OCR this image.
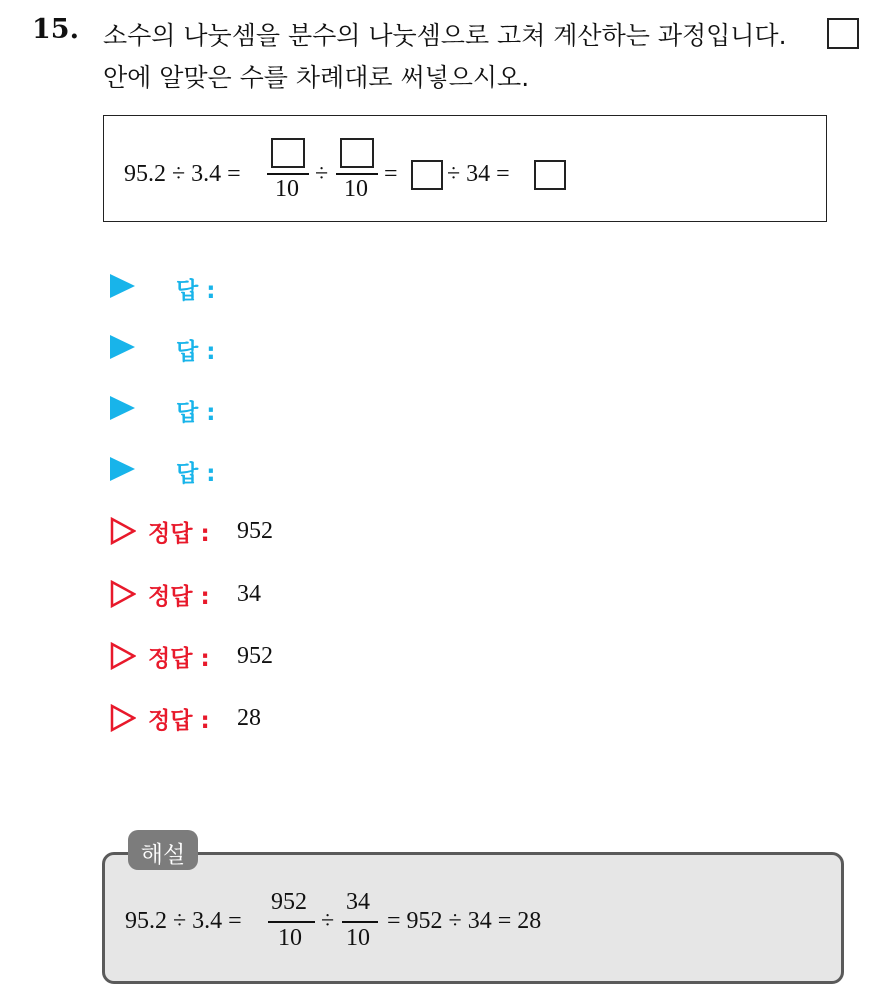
15. 소수의 나눗셈을 분수의 나눗셈으로 고쳐 계산하는 과정입니다.
안에 알맞은 수를 차례대로 써넣으시오.
95.2 ÷ 3.4 =
10
÷
10
= ÷ 34 =
답 :
답 :
답 :
답 :
정답 : 952
정답 : 34
정답 : 952
정답 : 28
95.2 ÷ 3.4 =
952
10
÷
34
10
= 952 ÷ 34 = 28
해설
